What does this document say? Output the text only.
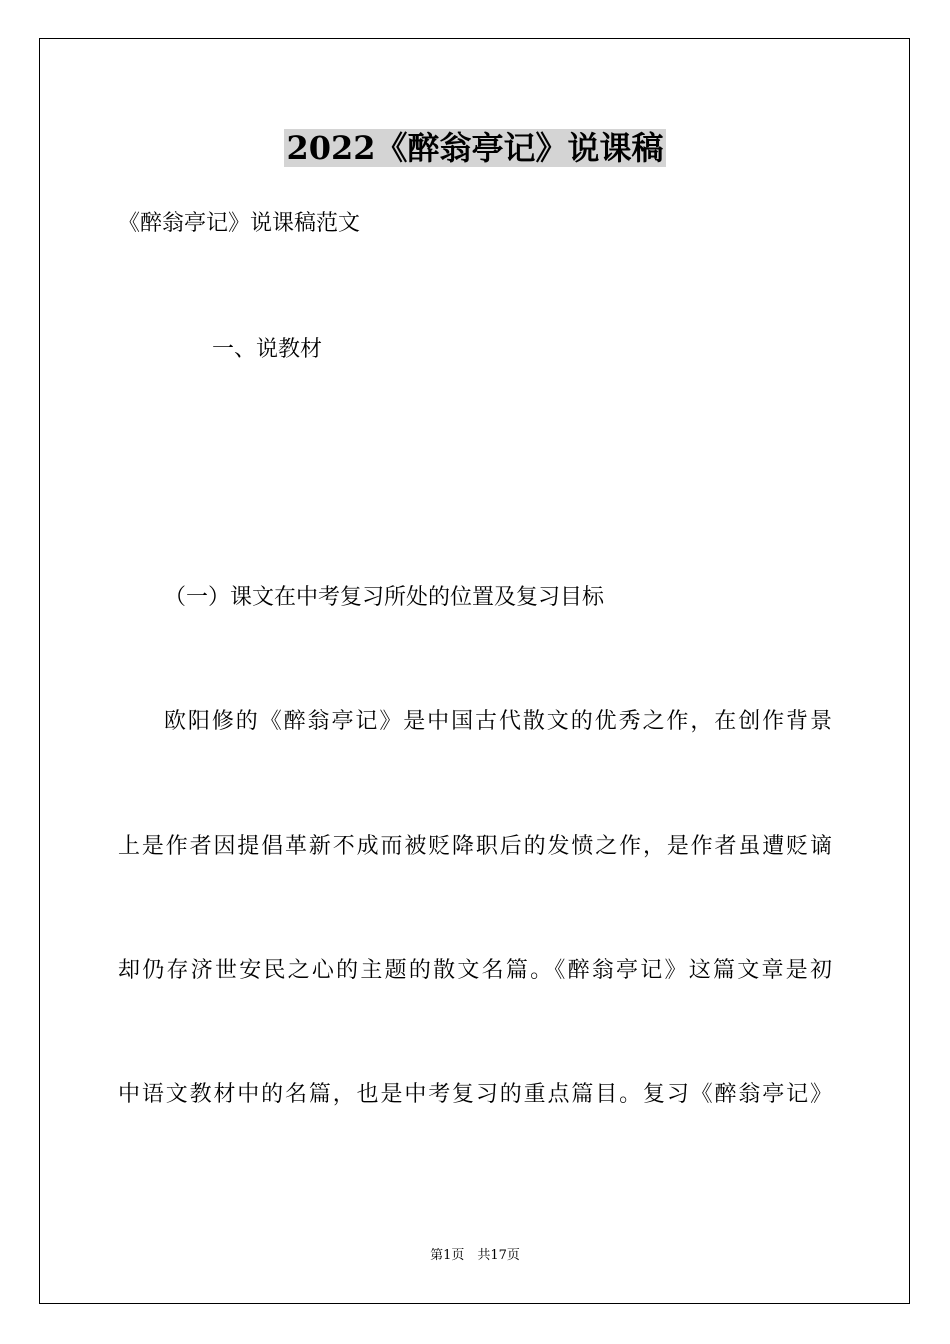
2022《醉翁亭记》说课稿
《醉翁亭记》说课稿范文
一、说教材
（一）课文在中考复习所处的位置及复习目标
欧阳修的《醉翁亭记》是中国古代散文的优秀之作，在创作背景
上是作者因提倡革新不成而被贬降职后的发愤之作，是作者虽遭贬谪
却仍存济世安民之心的主题的散文名篇。《醉翁亭记》这篇文章是初
中语文教材中的名篇，也是中考复习的重点篇目。复习《醉翁亭记》
第1页　共17页
